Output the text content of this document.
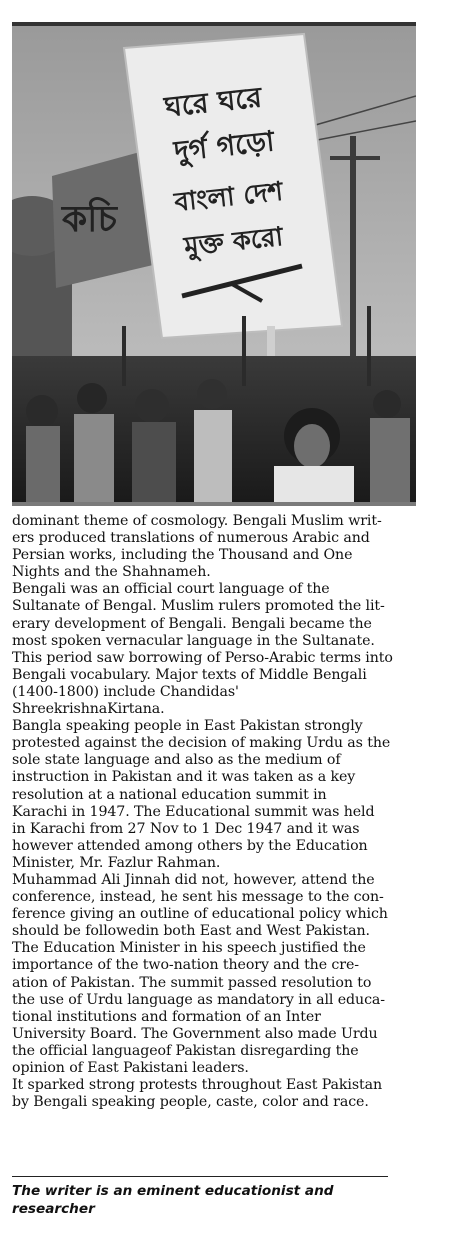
কচি
ঘরে ঘরে
দুর্গ গড়ো
বাংলা দেশ
মুক্ত করো

dominant theme of cosmology. Bengali Muslim writ-
ers produced translations of numerous Arabic and
Persian works, including the Thousand and One
Nights and the Shahnameh.

Bengali was an official court language of the
Sultanate of Bengal. Muslim rulers promoted the lit-
erary development of Bengali. Bengali became the
most spoken vernacular language in the Sultanate.
This period saw borrowing of Perso-Arabic terms into
Bengali vocabulary. Major texts of Middle Bengali
(1400-1800) include Chandidas'
ShreekrishnaKirtana.

Bangla speaking people in East Pakistan strongly
protested against the decision of making Urdu as the
sole state language and also as the medium of
instruction in Pakistan and it was taken as a key
resolution at a national education summit in
Karachi in 1947. The Educational summit was held
in Karachi from 27 Nov to 1 Dec 1947 and it was
however attended among others by the Education
Minister, Mr. Fazlur Rahman.

Muhammad Ali Jinnah did not, however, attend the
conference, instead, he sent his message to the con-
ference giving an outline of educational policy which
should be followedin both East and West Pakistan.
The Education Minister in his speech justified the
importance of the two-nation theory and the cre-
ation of Pakistan. The summit passed resolution to
the use of Urdu language as mandatory in all educa-
tional institutions and formation of an Inter
University Board. The Government also made Urdu
the official languageof Pakistan disregarding the
opinion of East Pakistani leaders.

It sparked strong protests throughout East Pakistan
by Bengali speaking people, caste, color and race.

The writer is an eminent educationist and
researcher
